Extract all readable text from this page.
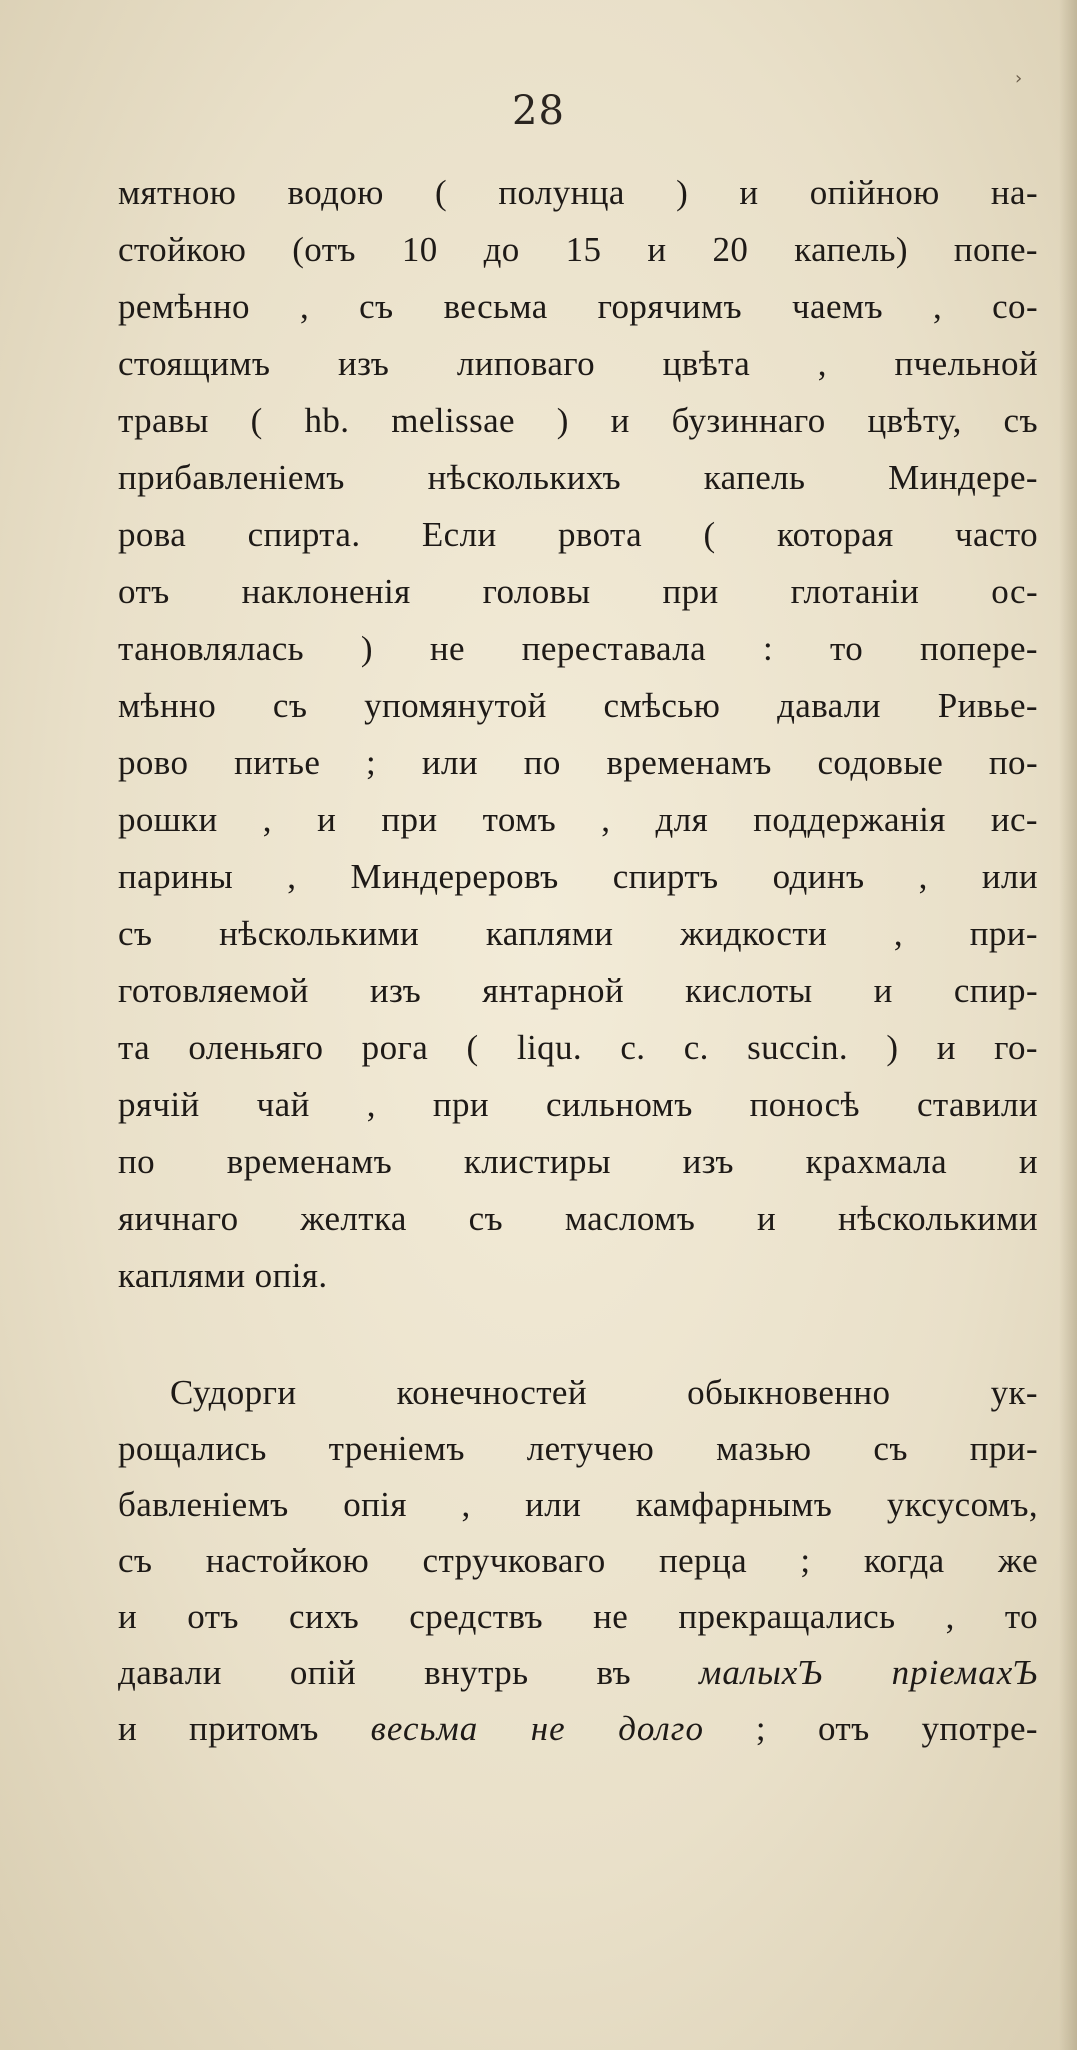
›
28
мятною водою ( полунца ) и опійною на-
стойкою (отъ 10 до 15 и 20 капель) попе-
ремѣнно , съ весьма горячимъ чаемъ , со-
стоящимъ изъ липоваго цвѣта , пчельной
травы ( hb. melissae ) и бузиннаго цвѣту, съ
прибавленіемъ нѣсколькихъ капель Миндере-
рова спирта. Если рвота ( которая часто
отъ наклоненія головы при глотаніи ос-
тановлялась ) не переставала : то попере-
мѣнно съ упомянутой смѣсью давали Ривье-
рово питье ; или по временамъ содовые по-
рошки , и при томъ , для поддержанія ис-
парины , Миндереровъ спиртъ одинъ , или
съ нѣсколькими каплями жидкости , при-
готовляемой изъ янтарной кислоты и спир-
та оленьяго рога ( liqu. c. c. succin. ) и го-
рячій чай , при сильномъ поносѣ ставили
по временамъ клистиры изъ крахмала и
яичнаго желтка съ масломъ и нѣсколькими
каплями опія.
Судорги конечностей обыкновенно ук-
рощались треніемъ летучею мазью съ при-
бавленіемъ опія , или камфарнымъ уксусомъ,
съ настойкою стручковаго перца ; когда же
и отъ сихъ средствъ не прекращались , то
давали опій внутрь въ малыхЪ пріемахЪ
и притомъ весьма не долго ; отъ употре-
